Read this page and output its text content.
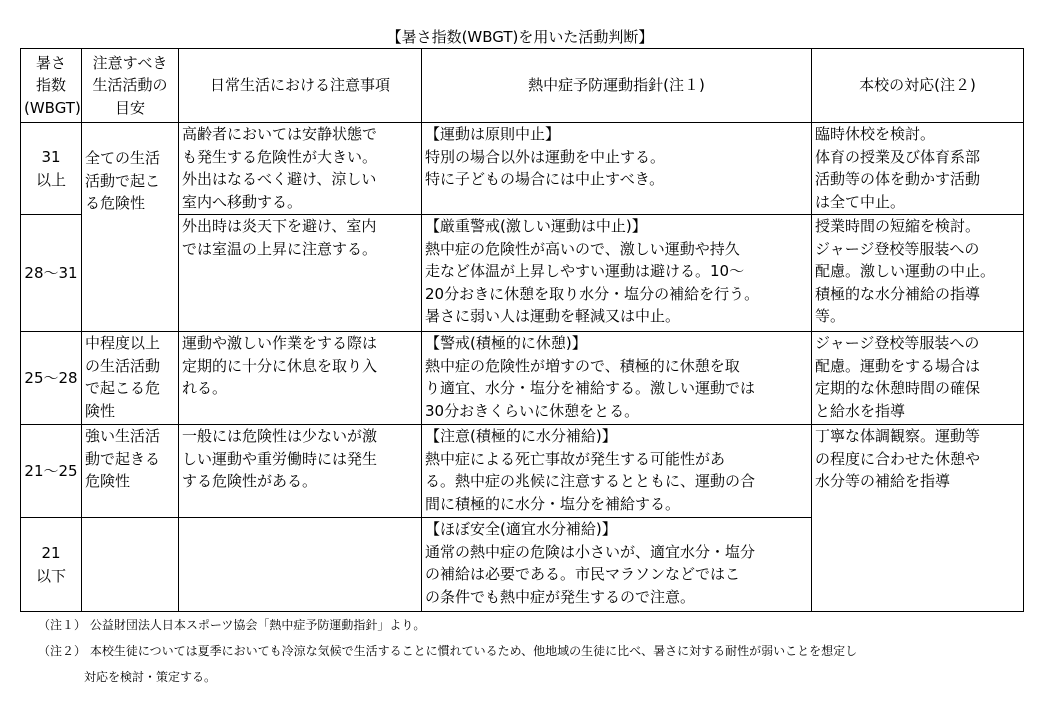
【暑さ指数(WBGT)を用いた活動判断】
暑さ
指数
(WBGT)	注意すべき
生活活動の
目安	日常生活における注意事項	熱中症予防運動指針(注１)	本校の対応(注２)

31
以上	全ての生活
活動で起こ
る危険性	高齢者においては安静状態で
も発生する危険性が大きい。
外出はなるべく避け、涼しい
室内へ移動する。	【運動は原則中止】
特別の場合以外は運動を中止する。
特に子どもの場合には中止すべき。	臨時休校を検討。
体育の授業及び体育系部
活動等の体を動かす活動
は全て中止。

28～31		外出時は炎天下を避け、室内
では室温の上昇に注意する。	【厳重警戒(激しい運動は中止)】
熱中症の危険性が高いので、激しい運動や持久
走など体温が上昇しやすい運動は避ける。10～
20分おきに休憩を取り水分・塩分の補給を行う。
暑さに弱い人は運動を軽減又は中止。	授業時間の短縮を検討。
ジャージ登校等服装への
配慮。激しい運動の中止。
積極的な水分補給の指導
等。

25～28	中程度以上
の生活活動
で起こる危
険性	運動や激しい作業をする際は
定期的に十分に休息を取り入
れる。	【警戒(積極的に休憩)】
熱中症の危険性が増すので、積極的に休憩を取
り適宜、水分・塩分を補給する。激しい運動では
30分おきくらいに休憩をとる。	ジャージ登校等服装への
配慮。運動をする場合は
定期的な休憩時間の確保
と給水を指導

21～25	強い生活活
動で起きる
危険性	一般には危険性は少ないが激
しい運動や重労働時には発生
する危険性がある。	【注意(積極的に水分補給)】
熱中症による死亡事故が発生する可能性があ
る。熱中症の兆候に注意するとともに、運動の合
間に積極的に水分・塩分を補給する。	丁寧な体調観察。運動等
の程度に合わせた休憩や
水分等の補給を指導

21
以下			【ほぼ安全(適宜水分補給)】
通常の熱中症の危険は小さいが、適宜水分・塩分
の補給は必要である。市民マラソンなどではこ
の条件でも熱中症が発生するので注意。	
（注１） 公益財団法人日本スポーツ協会「熱中症予防運動指針」より。
（注２） 本校生徒については夏季においても冷涼な気候で生活することに慣れているため、他地域の生徒に比べ、暑さに対する耐性が弱いことを想定し
対応を検討・策定する。
